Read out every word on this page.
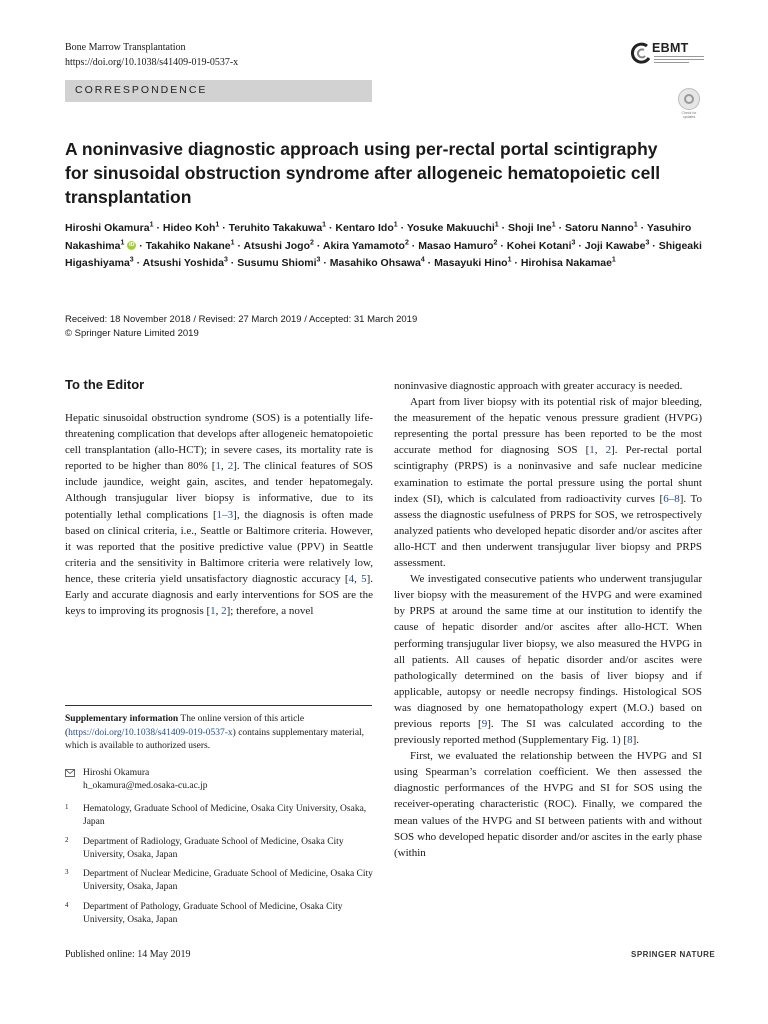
Bone Marrow Transplantation
https://doi.org/10.1038/s41409-019-0537-x
EBMT
CORRESPONDENCE
Check for updates
A noninvasive diagnostic approach using per-rectal portal scintigraphy for sinusoidal obstruction syndrome after allogeneic hematopoietic cell transplantation
Hiroshi Okamura$^1$ · Hideo Koh$^1$ · Teruhito Takakuwa$^1$ · Kentaro Ido$^1$ · Yosuke Makuuchi$^1$ · Shoji Ine$^1$ · Satoru Nanno$^1$ · Yasuhiro Nakashima$^1$ iD · Takahiko Nakane$^1$ · Atsushi Jogo$^2$ · Akira Yamamoto$^2$ · Masao Hamuro$^2$ · Kohei Kotani$^3$ · Joji Kawabe$^3$ · Shigeaki Higashiyama$^3$ · Atsushi Yoshida$^3$ · Susumu Shiomi$^3$ · Masahiko Ohsawa$^4$ · Masayuki Hino$^1$ · Hirohisa Nakamae$^1$
Received: 18 November 2018 / Revised: 27 March 2019 / Accepted: 31 March 2019
© Springer Nature Limited 2019
To the Editor

Hepatic sinusoidal obstruction syndrome (SOS) is a potentially life-threatening complication that develops after allogeneic hematopoietic cell transplantation (allo-HCT); in severe cases, its mortality rate is reported to be higher than 80% [1, 2]. The clinical features of SOS include jaundice, weight gain, ascites, and tender hepatomegaly. Although transjugular liver biopsy is informative, due to its potentially lethal complications [1–3], the diagnosis is often made based on clinical criteria, i.e., Seattle or Baltimore criteria. However, it was reported that the positive predictive value (PPV) in Seattle criteria and the sensitivity in Baltimore criteria were relatively low, hence, these criteria yield unsatisfactory diagnostic accuracy [4, 5]. Early and accurate diagnosis and early interventions for SOS are the keys to improving its prognosis [1, 2]; therefore, a novel

Supplementary information The online version of this article (https://doi.org/10.1038/s41409-019-0537-x) contains supplementary material, which is available to authorized users.
Hiroshi Okamura
h_okamura@med.osaka-cu.ac.jp
1 Hematology, Graduate School of Medicine, Osaka City University, Osaka, Japan
2 Department of Radiology, Graduate School of Medicine, Osaka City University, Osaka, Japan
3 Department of Nuclear Medicine, Graduate School of Medicine, Osaka City University, Osaka, Japan
4 Department of Pathology, Graduate School of Medicine, Osaka City University, Osaka, Japan

noninvasive diagnostic approach with greater accuracy is needed.

Apart from liver biopsy with its potential risk of major bleeding, the measurement of the hepatic venous pressure gradient (HVPG) representing the portal pressure has been reported to be the most accurate method for diagnosing SOS [1, 2]. Per-rectal portal scintigraphy (PRPS) is a noninvasive and safe nuclear medicine examination to estimate the portal pressure using the portal shunt index (SI), which is calculated from radioactivity curves [6–8]. To assess the diagnostic usefulness of PRPS for SOS, we retrospectively analyzed patients who developed hepatic disorder and/or ascites after allo-HCT and then underwent transjugular liver biopsy and PRPS assessment.

We investigated consecutive patients who underwent transjugular liver biopsy with the measurement of the HVPG and were examined by PRPS at around the same time at our institution to identify the cause of hepatic disorder and/or ascites after allo-HCT. When performing transjugular liver biopsy, we also measured the HVPG in all patients. All causes of hepatic disorder and/or ascites were pathologically determined on the basis of liver biopsy and if applicable, autopsy or needle necropsy findings. Histological SOS was diagnosed by one hematopathology expert (M.O.) based on previous reports [9]. The SI was calculated according to the previously reported method (Supplementary Fig. 1) [8].

First, we evaluated the relationship between the HVPG and SI using Spearman’s correlation coefficient. We then assessed the diagnostic performances of the HVPG and SI for SOS using the receiver-operating characteristic (ROC). Finally, we compared the mean values of the HVPG and SI between patients with and without SOS who developed hepatic disorder and/or ascites in the early phase (within

Published online: 14 May 2019	SPRINGER NATURE
